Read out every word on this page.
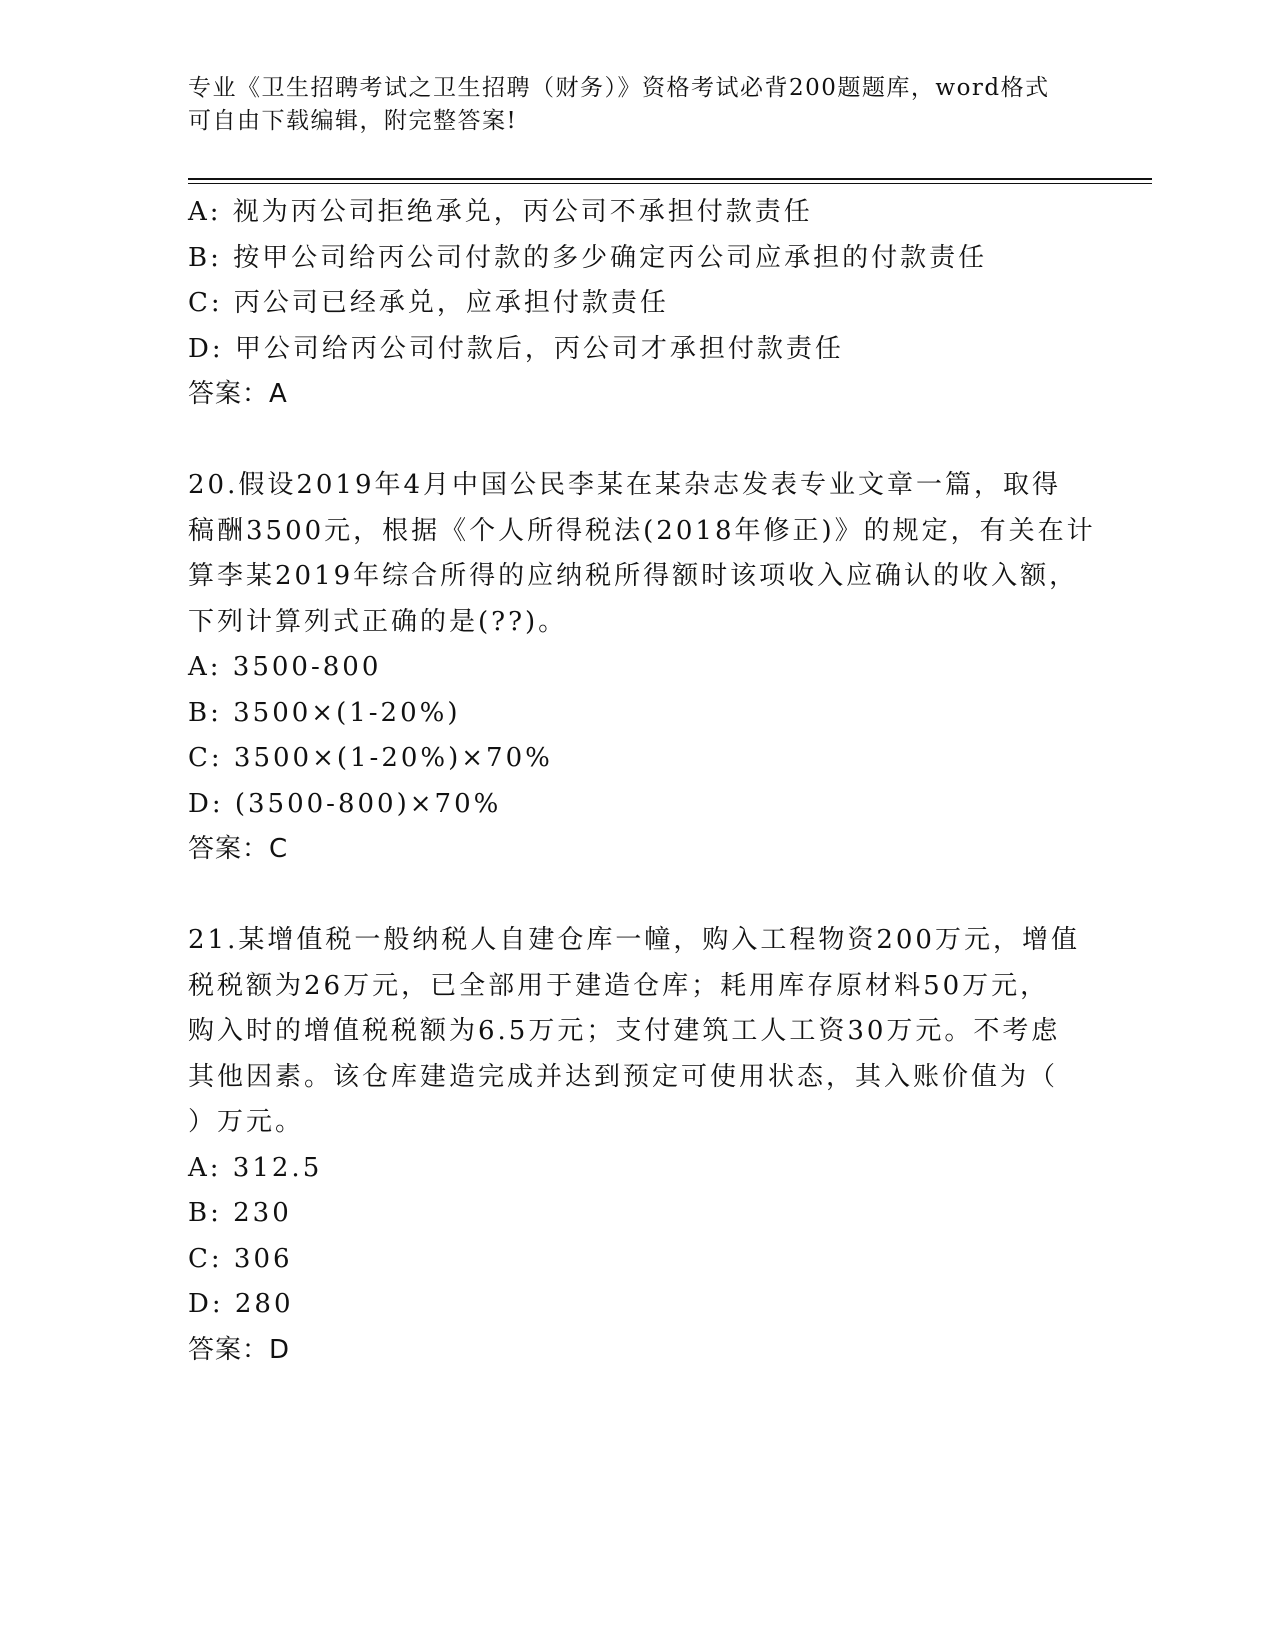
专业《卫生招聘考试之卫生招聘（财务）》资格考试必背200题题库，word格式
可自由下载编辑，附完整答案!
A: 视为丙公司拒绝承兑，丙公司不承担付款责任
B: 按甲公司给丙公司付款的多少确定丙公司应承担的付款责任
C: 丙公司已经承兑，应承担付款责任
D: 甲公司给丙公司付款后，丙公司才承担付款责任
答案：A
20.假设2019年4月中国公民李某在某杂志发表专业文章一篇，取得
稿酬3500元，根据《个人所得税法(2018年修正)》的规定，有关在计
算李某2019年综合所得的应纳税所得额时该项收入应确认的收入额，
下列计算列式正确的是(??)。
A: 3500-800
B: 3500×(1-20%)
C: 3500×(1-20%)×70%
D: (3500-800)×70%
答案：C
21.某增值税一般纳税人自建仓库一幢，购入工程物资200万元，增值
税税额为26万元，已全部用于建造仓库；耗用库存原材料50万元，
购入时的增值税税额为6.5万元；支付建筑工人工资30万元。不考虑
其他因素。该仓库建造完成并达到预定可使用状态，其入账价值为（
）万元。
A: 312.5
B: 230
C: 306
D: 280
答案：D
